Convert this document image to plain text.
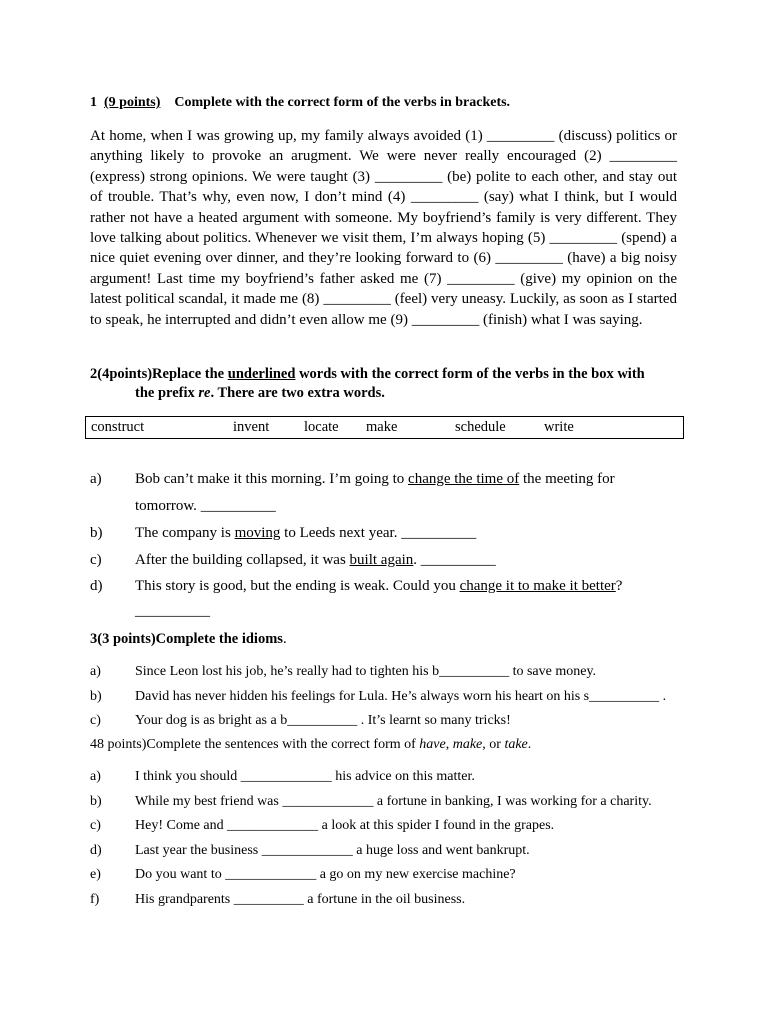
1 (9 points) Complete with the correct form of the verbs in brackets.
At home, when I was growing up, my family always avoided (1) _________ (discuss) politics or anything likely to provoke an arugment. We were never really encouraged (2) _________ (express) strong opinions. We were taught (3) _________ (be) polite to each other, and stay out of trouble. That’s why, even now, I don’t mind (4) _________ (say) what I think, but I would rather not have a heated argument with someone. My boyfriend’s family is very different. They love talking about politics. Whenever we visit them, I’m always hoping (5) _________ (spend) a nice quiet evening over dinner, and they’re looking forward to (6) _________ (have) a big noisy argument! Last time my boyfriend’s father asked me (7) _________ (give) my opinion on the latest political scandal, it made me (8) _________ (feel) very uneasy. Luckily, as soon as I started to speak, he interrupted and didn’t even allow me (9) _________ (finish) what I was saying.
2(4points)Replace the underlined words with the correct form of the verbs in the box with
the prefix re. There are two extra words.
construct	invent locate make	schedule	write
a) Bob can’t make it this morning. I’m going to change the time of the meeting for
tomorrow. __________
b) The company is moving to Leeds next year. __________
c) After the building collapsed, it was built again. __________
d) This story is good, but the ending is weak. Could you change it to make it better?
__________
3(3 points)Complete the idioms.
a) Since Leon lost his job, he’s really had to tighten his b__________ to save money.
b) David has never hidden his feelings for Lula. He’s always worn his heart on his s__________ .
c) Your dog is as bright as a b__________ . It’s learnt so many tricks!
48 points)Complete the sentences with the correct form of have, make, or take.
a) I think you should _____________ his advice on this matter.
b) While my best friend was _____________ a fortune in banking, I was working for a charity.
c) Hey! Come and _____________ a look at this spider I found in the grapes.
d) Last year the business _____________ a huge loss and went bankrupt.
e) Do you want to _____________ a go on my new exercise machine?
f)	His grandparents __________ a fortune in the oil business.
